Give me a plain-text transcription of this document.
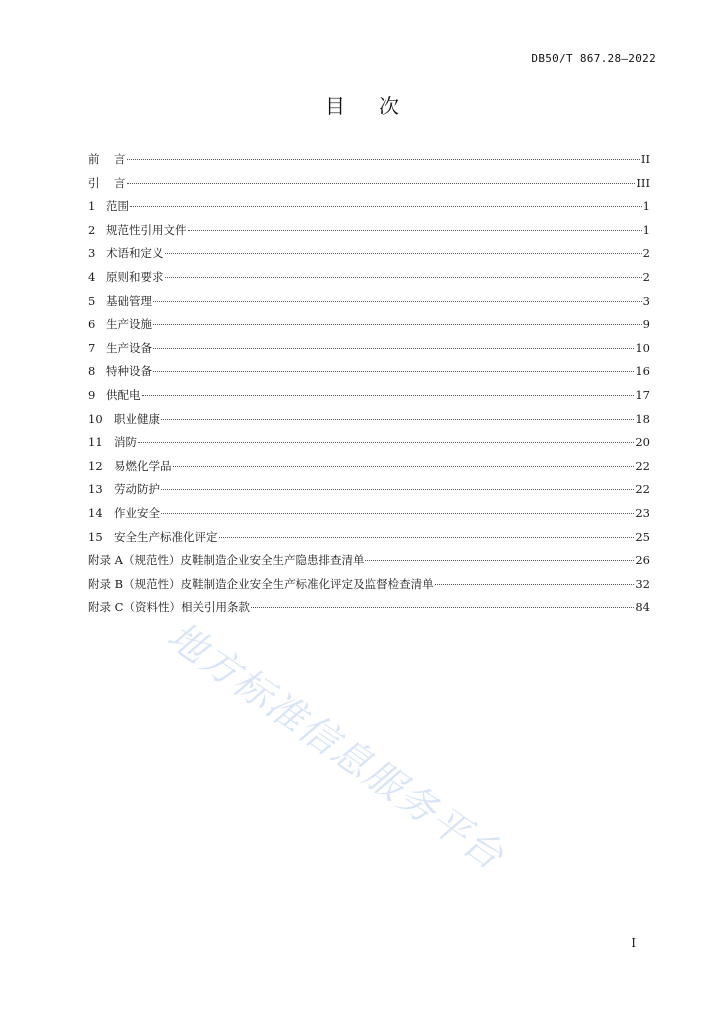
DB50/T 867.28—2022
目 次
前	言	II
引	言	III
1 范围	1
2 规范性引用文件	1
3 术语和定义	2
4 原则和要求	2
5 基础管理	3
6 生产设施	9
7 生产设备	10
8 特种设备	16
9 供配电	17
10 职业健康	18
11 消防	20
12 易燃化学品	22
13 劳动防护	22
14 作业安全	23
15 安全生产标准化评定	25
附录 A（规范性）皮鞋制造企业安全生产隐患排查清单	26
附录 B（规范性）皮鞋制造企业安全生产标准化评定及监督检查清单	32
附录 C（资料性）相关引用条款	84
地方标准信息服务平台
I
